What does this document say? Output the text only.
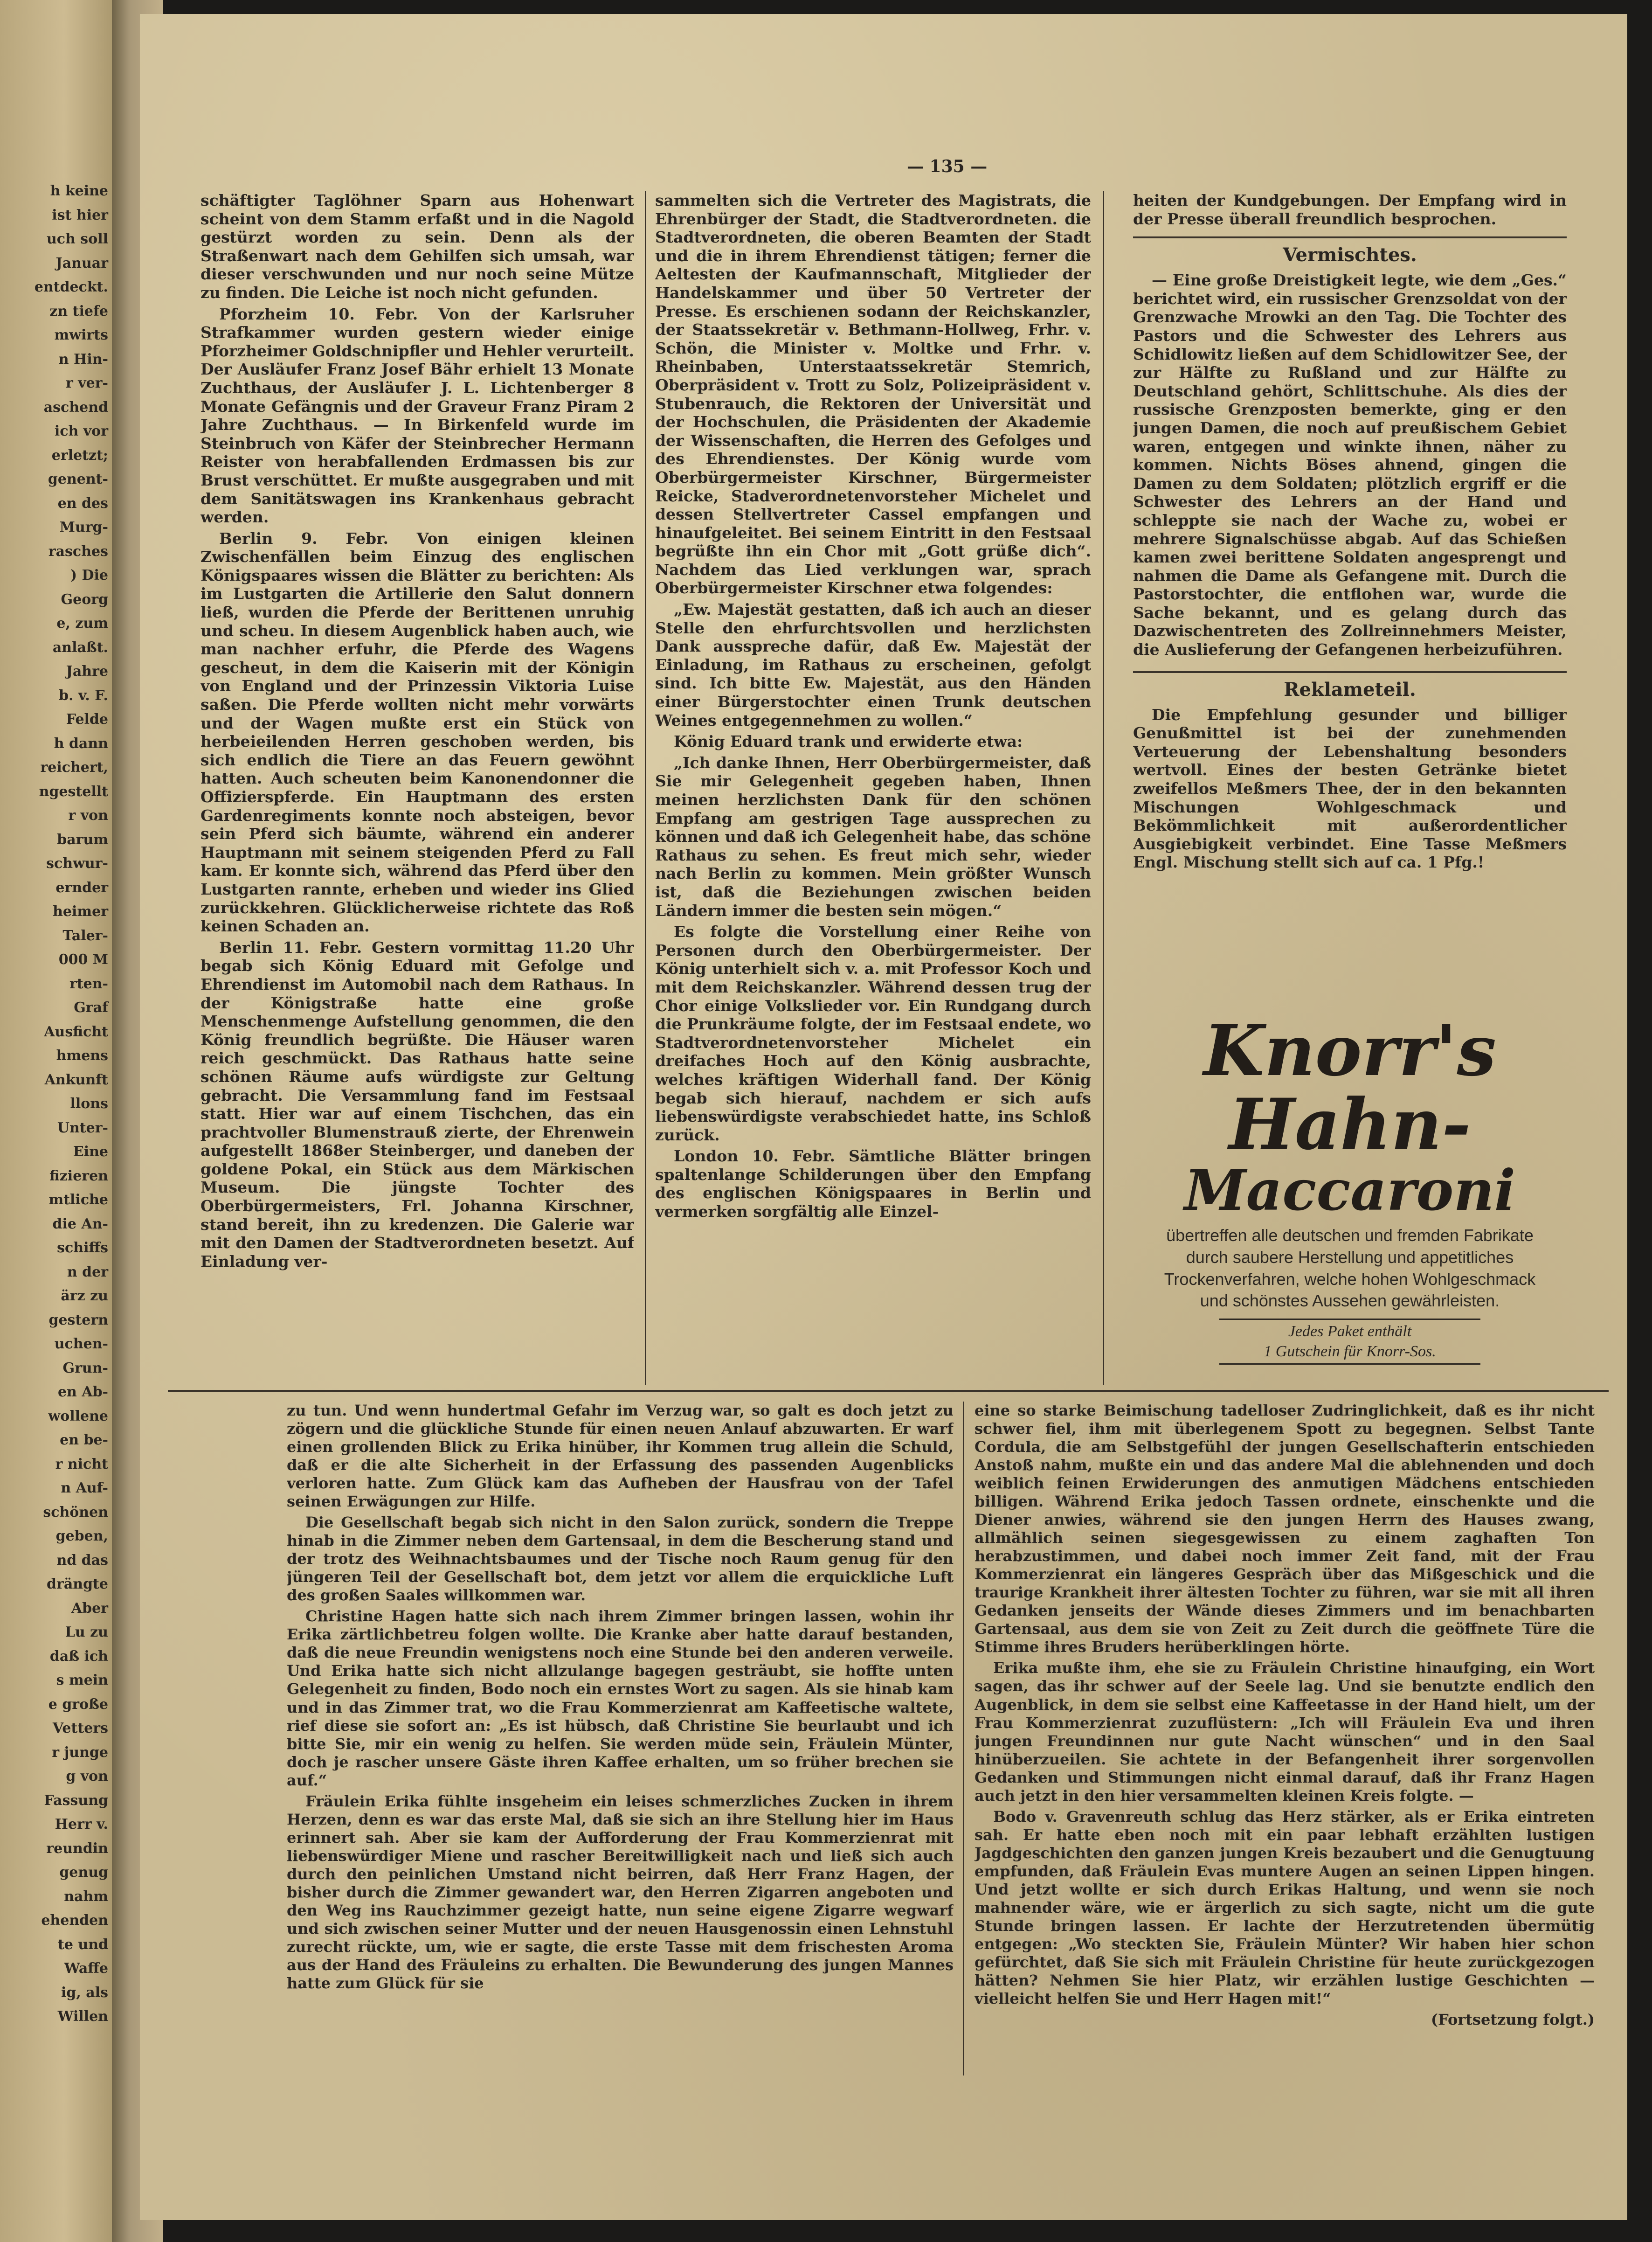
h keine
ist hier
uch soll
Januar
entdeckt.
zn tiefe
mwirts
n Hin-
r ver-
aschend
ich vor
erletzt;
genent-
en des
Murg-
rasches
) Die
Georg
e, zum
anlaßt.
Jahre
b. v. F.
Felde
h dann
reichert,
ngestellt
r von
barum
schwur-
ernder
heimer
Taler-
000 M
rten-
Graf
Ausficht
hmens
Ankunft
llons
Unter-
Eine
fizieren
mtliche
die An-
schiffs
n der
ärz zu
gestern
uchen-
Grun-
en Ab-
wollene
en be-
r nicht
n Auf-
schönen
geben,
nd das
drängte
Aber
Lu zu
daß ich
s mein
e große
Vetters
r junge
g von
Fassung
Herr v.
reundin
genug
nahm
ehenden
te und
Waffe
ig, als
Willen
— 135 —

schäftigter Taglöhner Sparn aus Hohenwart scheint von dem Stamm erfaßt und in die Nagold gestürzt worden zu sein. Denn als der Straßenwart nach dem Gehilfen sich umsah, war dieser verschwunden und nur noch seine Mütze zu finden. Die Leiche ist noch nicht gefunden.

Pforzheim 10. Febr. Von der Karlsruher Strafkammer wurden gestern wieder einige Pforzheimer Goldschnipfler und Hehler verurteilt. Der Ausläufer Franz Josef Bähr erhielt 13 Monate Zuchthaus, der Ausläufer J. L. Lichtenberger 8 Monate Gefängnis und der Graveur Franz Piram 2 Jahre Zuchthaus. — In Birkenfeld wurde im Steinbruch von Käfer der Steinbrecher Hermann Reister von herabfallenden Erdmassen bis zur Brust verschüttet. Er mußte ausgegraben und mit dem Sanitätswagen ins Krankenhaus gebracht werden.

Berlin 9. Febr. Von einigen kleinen Zwischenfällen beim Einzug des englischen Königspaares wissen die Blätter zu berichten: Als im Lustgarten die Artillerie den Salut donnern ließ, wurden die Pferde der Berittenen unruhig und scheu. In diesem Augenblick haben auch, wie man nachher erfuhr, die Pferde des Wagens gescheut, in dem die Kaiserin mit der Königin von England und der Prinzessin Viktoria Luise saßen. Die Pferde wollten nicht mehr vorwärts und der Wagen mußte erst ein Stück von herbeieilenden Herren geschoben werden, bis sich endlich die Tiere an das Feuern gewöhnt hatten. Auch scheuten beim Kanonendonner die Offizierspferde. Ein Hauptmann des ersten Gardenregiments konnte noch absteigen, bevor sein Pferd sich bäumte, während ein anderer Hauptmann mit seinem steigenden Pferd zu Fall kam. Er konnte sich, während das Pferd über den Lustgarten rannte, erheben und wieder ins Glied zurückkehren. Glücklicherweise richtete das Roß keinen Schaden an.

Berlin 11. Febr. Gestern vormittag 11.20 Uhr begab sich König Eduard mit Gefolge und Ehrendienst im Automobil nach dem Rathaus. In der Königstraße hatte eine große Menschenmenge Aufstellung genommen, die den König freundlich begrüßte. Die Häuser waren reich geschmückt. Das Rathaus hatte seine schönen Räume aufs würdigste zur Geltung gebracht. Die Versammlung fand im Festsaal statt. Hier war auf einem Tischchen, das ein prachtvoller Blumenstrauß zierte, der Ehrenwein aufgestellt 1868er Steinberger, und daneben der goldene Pokal, ein Stück aus dem Märkischen Museum. Die jüngste Tochter des Oberbürgermeisters, Frl. Johanna Kirschner, stand bereit, ihn zu kredenzen. Die Galerie war mit den Damen der Stadtverordneten besetzt. Auf Einladung ver-

sammelten sich die Vertreter des Magistrats, die Ehrenbürger der Stadt, die Stadtverordneten. die Stadtverordneten, die oberen Beamten der Stadt und die in ihrem Ehrendienst tätigen; ferner die Aeltesten der Kaufmannschaft, Mitglieder der Handelskammer und über 50 Vertreter der Presse. Es erschienen sodann der Reichskanzler, der Staatssekretär v. Bethmann-Hollweg, Frhr. v. Schön, die Minister v. Moltke und Frhr. v. Rheinbaben, Unterstaatssekretär Stemrich, Oberpräsident v. Trott zu Solz, Polizeipräsident v. Stubenrauch, die Rektoren der Universität und der Hochschulen, die Präsidenten der Akademie der Wissenschaften, die Herren des Gefolges und des Ehrendienstes. Der König wurde vom Oberbürgermeister Kirschner, Bürgermeister Reicke, Stadverordnetenvorsteher Michelet und dessen Stellvertreter Cassel empfangen und hinaufgeleitet. Bei seinem Eintritt in den Festsaal begrüßte ihn ein Chor mit „Gott grüße dich“. Nachdem das Lied verklungen war, sprach Oberbürgermeister Kirschner etwa folgendes:

„Ew. Majestät gestatten, daß ich auch an dieser Stelle den ehrfurchtsvollen und herzlichsten Dank ausspreche dafür, daß Ew. Majestät der Einladung, im Rathaus zu erscheinen, gefolgt sind. Ich bitte Ew. Majestät, aus den Händen einer Bürgerstochter einen Trunk deutschen Weines entgegennehmen zu wollen.“

König Eduard trank und erwiderte etwa:

„Ich danke Ihnen, Herr Oberbürgermeister, daß Sie mir Gelegenheit gegeben haben, Ihnen meinen herzlichsten Dank für den schönen Empfang am gestrigen Tage aussprechen zu können und daß ich Gelegenheit habe, das schöne Rathaus zu sehen. Es freut mich sehr, wieder nach Berlin zu kommen. Mein größter Wunsch ist, daß die Beziehungen zwischen beiden Ländern immer die besten sein mögen.“

Es folgte die Vorstellung einer Reihe von Personen durch den Oberbürgermeister. Der König unterhielt sich v. a. mit Professor Koch und mit dem Reichskanzler. Während dessen trug der Chor einige Volkslieder vor. Ein Rundgang durch die Prunkräume folgte, der im Festsaal endete, wo Stadtverordnetenvorsteher Michelet ein dreifaches Hoch auf den König ausbrachte, welches kräftigen Widerhall fand. Der König begab sich hierauf, nachdem er sich aufs liebenswürdigste verabschiedet hatte, ins Schloß zurück.

London 10. Febr. Sämtliche Blätter bringen spaltenlange Schilderungen über den Empfang des englischen Königspaares in Berlin und vermerken sorgfältig alle Einzel-

heiten der Kundgebungen. Der Empfang wird in der Presse überall freundlich besprochen.

Vermischtes.

— Eine große Dreistigkeit legte, wie dem „Ges.“ berichtet wird, ein russischer Grenzsoldat von der Grenzwache Mrowki an den Tag. Die Tochter des Pastors und die Schwester des Lehrers aus Schidlowitz ließen auf dem Schidlowitzer See, der zur Hälfte zu Rußland und zur Hälfte zu Deutschland gehört, Schlittschuhe. Als dies der russische Grenzposten bemerkte, ging er den jungen Damen, die noch auf preußischem Gebiet waren, entgegen und winkte ihnen, näher zu kommen. Nichts Böses ahnend, gingen die Damen zu dem Soldaten; plötzlich ergriff er die Schwester des Lehrers an der Hand und schleppte sie nach der Wache zu, wobei er mehrere Signalschüsse abgab. Auf das Schießen kamen zwei berittene Soldaten angesprengt und nahmen die Dame als Gefangene mit. Durch die Pastorstochter, die entflohen war, wurde die Sache bekannt, und es gelang durch das Dazwischentreten des Zollreinnehmers Meister, die Auslieferung der Gefangenen herbeizuführen.

Reklameteil.

Die Empfehlung gesunder und billiger Genußmittel ist bei der zunehmenden Verteuerung der Lebenshaltung besonders wertvoll. Eines der besten Getränke bietet zweifellos Meßmers Thee, der in den bekannten Mischungen Wohlgeschmack und Bekömmlichkeit mit außerordentlicher Ausgiebigkeit verbindet. Eine Tasse Meßmers Engl. Mischung stellt sich auf ca. 1 Pfg.!

Knorr's
Hahn-
Maccaroni
übertreffen alle deutschen und fremden Fabrikate durch saubere Herstellung und appetitliches Trockenverfahren, welche hohen Wohlgeschmack und schönstes Aussehen gewährleisten.
Jedes Paket enthält
1 Gutschein für Knorr-Sos.

zu tun. Und wenn hundertmal Gefahr im Verzug war, so galt es doch jetzt zu zögern und die glückliche Stunde für einen neuen Anlauf abzuwarten. Er warf einen grollenden Blick zu Erika hinüber, ihr Kommen trug allein die Schuld, daß er die alte Sicherheit in der Erfassung des passenden Augenblicks verloren hatte. Zum Glück kam das Aufheben der Hausfrau von der Tafel seinen Erwägungen zur Hilfe.

Die Gesellschaft begab sich nicht in den Salon zurück, sondern die Treppe hinab in die Zimmer neben dem Gartensaal, in dem die Bescherung stand und der trotz des Weihnachtsbaumes und der Tische noch Raum genug für den jüngeren Teil der Gesellschaft bot, dem jetzt vor allem die erquickliche Luft des großen Saales willkommen war.

Christine Hagen hatte sich nach ihrem Zimmer bringen lassen, wohin ihr Erika zärtlichbetreu folgen wollte. Die Kranke aber hatte darauf bestanden, daß die neue Freundin wenigstens noch eine Stunde bei den anderen verweile. Und Erika hatte sich nicht allzulange bagegen gesträubt, sie hoffte unten Gelegenheit zu finden, Bodo noch ein ernstes Wort zu sagen. Als sie hinab kam und in das Zimmer trat, wo die Frau Kommerzienrat am Kaffeetische waltete, rief diese sie sofort an: „Es ist hübsch, daß Christine Sie beurlaubt und ich bitte Sie, mir ein wenig zu helfen. Sie werden müde sein, Fräulein Münter, doch je rascher unsere Gäste ihren Kaffee erhalten, um so früher brechen sie auf.“

Fräulein Erika fühlte insgeheim ein leises schmerzliches Zucken in ihrem Herzen, denn es war das erste Mal, daß sie sich an ihre Stellung hier im Haus erinnert sah. Aber sie kam der Aufforderung der Frau Kommerzienrat mit liebenswürdiger Miene und rascher Bereitwilligkeit nach und ließ sich auch durch den peinlichen Umstand nicht beirren, daß Herr Franz Hagen, der bisher durch die Zimmer gewandert war, den Herren Zigarren angeboten und den Weg ins Rauchzimmer gezeigt hatte, nun seine eigene Zigarre wegwarf und sich zwischen seiner Mutter und der neuen Hausgenossin einen Lehnstuhl zurecht rückte, um, wie er sagte, die erste Tasse mit dem frischesten Aroma aus der Hand des Fräuleins zu erhalten. Die Bewunderung des jungen Mannes hatte zum Glück für sie

eine so starke Beimischung tadelloser Zudringlichkeit, daß es ihr nicht schwer fiel, ihm mit überlegenem Spott zu begegnen. Selbst Tante Cordula, die am Selbstgefühl der jungen Gesellschafterin entschieden Anstoß nahm, mußte ein und das andere Mal die ablehnenden und doch weiblich feinen Erwiderungen des anmutigen Mädchens entschieden billigen. Während Erika jedoch Tassen ordnete, einschenkte und die Diener anwies, während sie den jungen Herrn des Hauses zwang, allmählich seinen siegesgewissen zu einem zaghaften Ton herabzustimmen, und dabei noch immer Zeit fand, mit der Frau Kommerzienrat ein längeres Gespräch über das Mißgeschick und die traurige Krankheit ihrer ältesten Tochter zu führen, war sie mit all ihren Gedanken jenseits der Wände dieses Zimmers und im benachbarten Gartensaal, aus dem sie von Zeit zu Zeit durch die geöffnete Türe die Stimme ihres Bruders herüberklingen hörte.

Erika mußte ihm, ehe sie zu Fräulein Christine hinaufging, ein Wort sagen, das ihr schwer auf der Seele lag. Und sie benutzte endlich den Augenblick, in dem sie selbst eine Kaffeetasse in der Hand hielt, um der Frau Kommerzienrat zuzuflüstern: „Ich will Fräulein Eva und ihren jungen Freundinnen nur gute Nacht wünschen“ und in den Saal hinüberzueilen. Sie achtete in der Befangenheit ihrer sorgenvollen Gedanken und Stimmungen nicht einmal darauf, daß ihr Franz Hagen auch jetzt in den hier versammelten kleinen Kreis folgte. —

Bodo v. Gravenreuth schlug das Herz stärker, als er Erika eintreten sah. Er hatte eben noch mit ein paar lebhaft erzählten lustigen Jagdgeschichten den ganzen jungen Kreis bezaubert und die Genugtuung empfunden, daß Fräulein Evas muntere Augen an seinen Lippen hingen. Und jetzt wollte er sich durch Erikas Haltung, und wenn sie noch mahnender wäre, wie er ärgerlich zu sich sagte, nicht um die gute Stunde bringen lassen. Er lachte der Herzutretenden übermütig entgegen: „Wo steckten Sie, Fräulein Münter? Wir haben hier schon gefürchtet, daß Sie sich mit Fräulein Christine für heute zurückgezogen hätten? Nehmen Sie hier Platz, wir erzählen lustige Geschichten — vielleicht helfen Sie und Herr Hagen mit!“

(Fortsetzung folgt.)
